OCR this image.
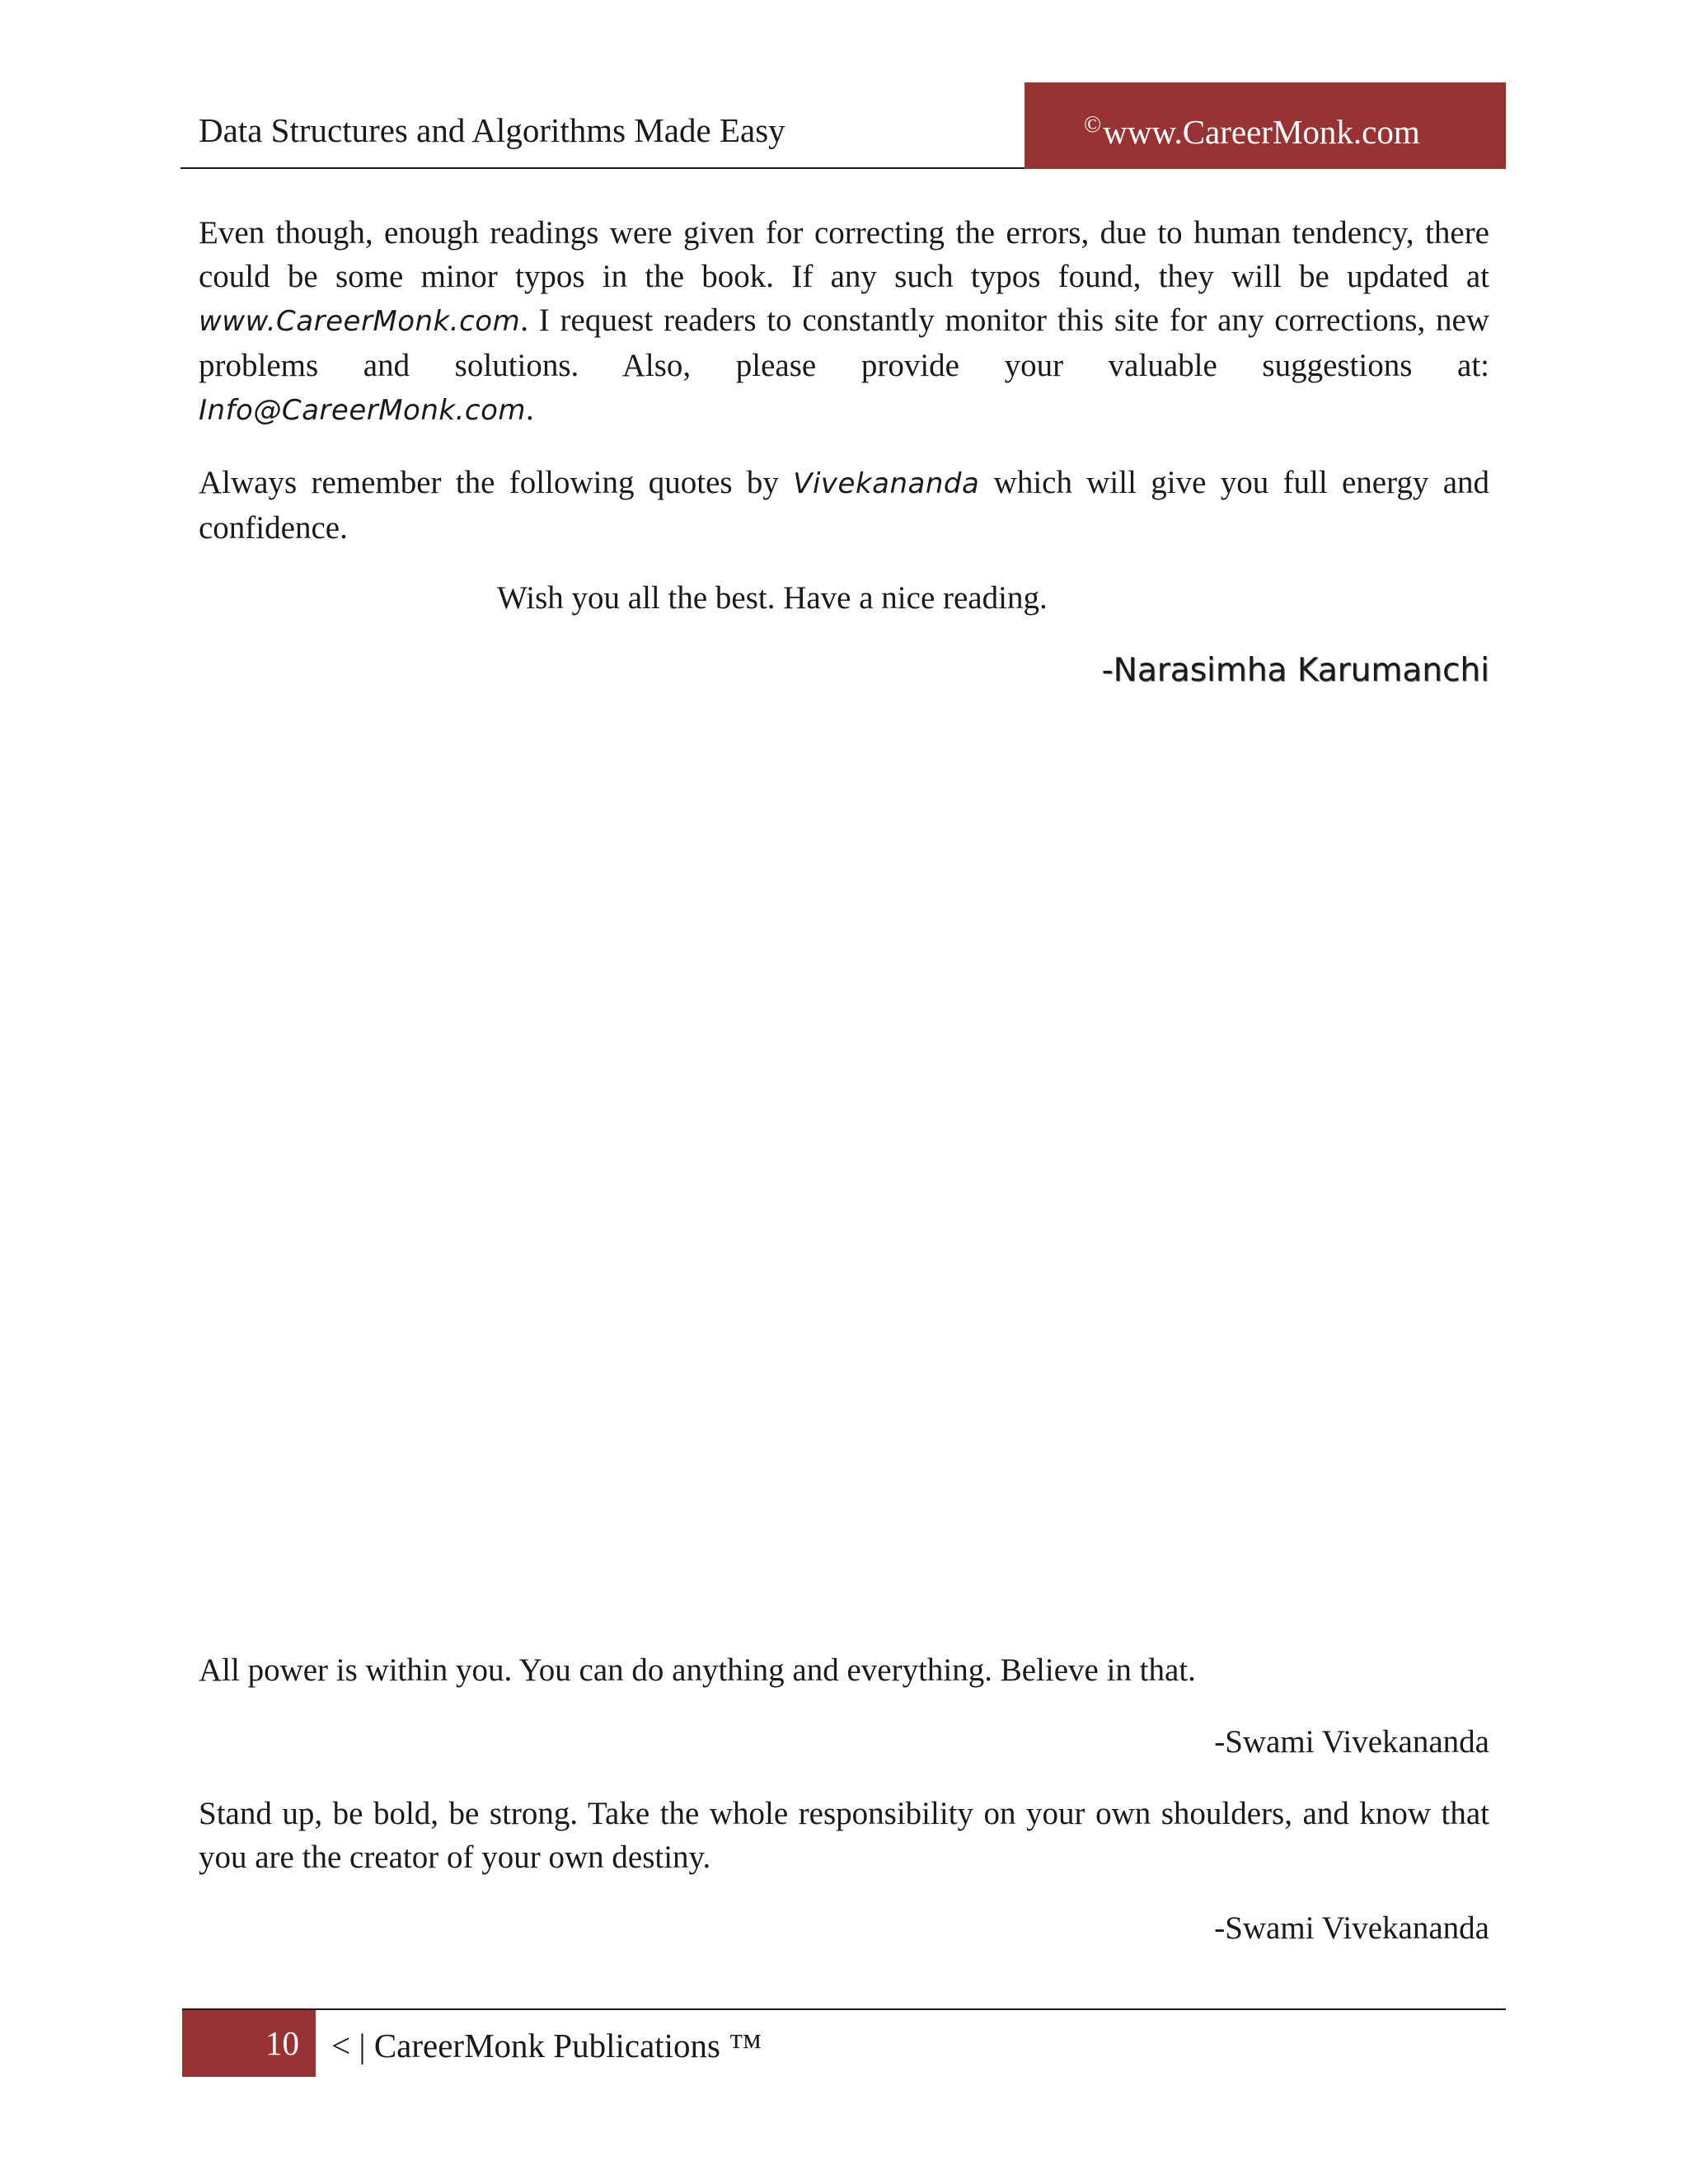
Data Structures and Algorithms Made Easy	©www.CareerMonk.com

Even though, enough readings were given for correcting the errors, due to human tendency, there could be some minor typos in the book. If any such typos found, they will be updated at www.CareerMonk.com. I request readers to constantly monitor this site for any corrections, new problems and solutions. Also, please provide your valuable suggestions at: Info@CareerMonk.com.

Always remember the following quotes by Vivekananda which will give you full energy and confidence.

Wish you all the best. Have a nice reading.
-Narasimha Karumanchi

All power is within you. You can do anything and everything. Believe in that.

-Swami Vivekananda

Stand up, be bold, be strong. Take the whole responsibility on your own shoulders, and know that you are the creator of your own destiny.

-Swami Vivekananda
10 < | CareerMonk Publications ™
